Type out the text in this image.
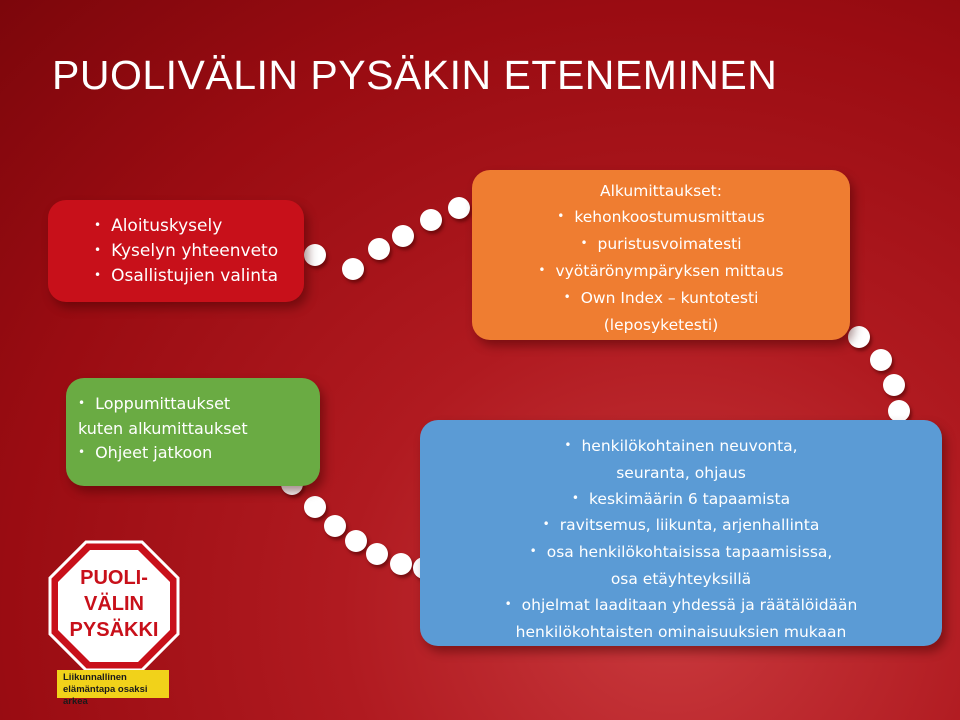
PUOLIVÄLIN PYSÄKIN ETENEMINEN
• Aloituskysely
• Kyselyn yhteenveto
• Osallistujien valinta
Alkumittaukset:
• kehonkoostumusmittaus
• puristusvoimatesti
• vyötärönympäryksen mittaus
• Own Index – kuntotesti
(leposyketesti)
• Loppumittaukset
kuten alkumittaukset
• Ohjeet jatkoon
•	henkilökohtainen neuvonta,
seuranta, ohjaus
• keskimäärin 6 tapaamista
• ravitsemus, liikunta, arjenhallinta
• osa henkilökohtaisissa tapaamisissa,
osa etäyhteyksillä
• ohjelmat laaditaan yhdessä ja räätälöidään
henkilökohtaisten ominaisuuksien mukaan
PUOLI-
VÄLIN
PYSÄKKI
Liikunnallinen
elämäntapa osaksi arkea
